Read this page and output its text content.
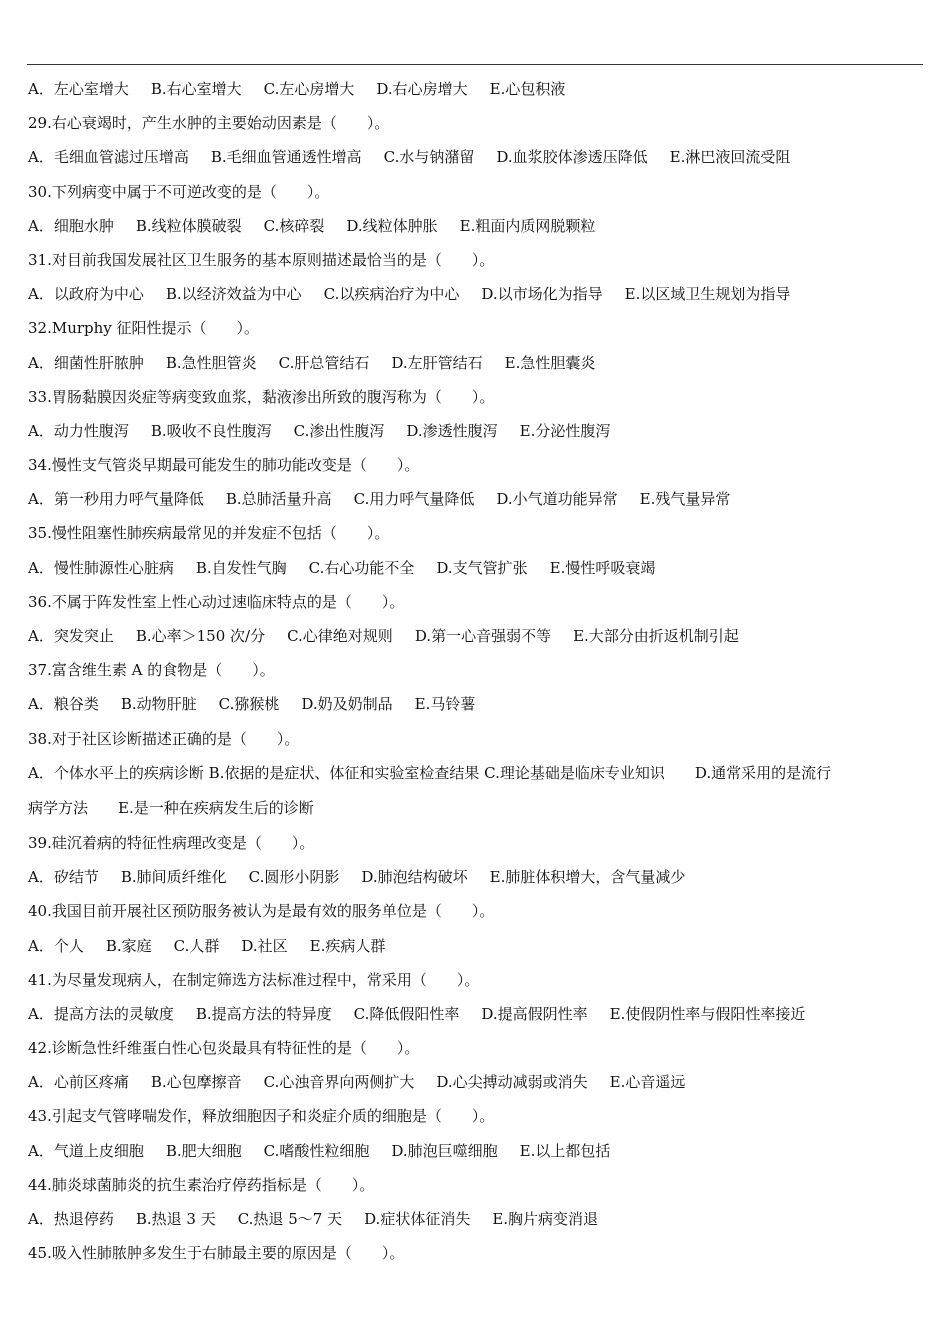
A．左心室增大 B.右心室增大 C.左心房增大 D.右心房增大 E.心包积液
29.右心衰竭时，产生水肿的主要始动因素是（　　）。
A．毛细血管滤过压增高 B.毛细血管通透性增高 C.水与钠潴留 D.血浆胶体渗透压降低 E.淋巴液回流受阻
30.下列病变中属于不可逆改变的是（　　）。
A．细胞水肿 B.线粒体膜破裂 C.核碎裂 D.线粒体肿胀 E.粗面内质网脱颗粒
31.对目前我国发展社区卫生服务的基本原则描述最恰当的是（　　）。
A．以政府为中心 B.以经济效益为中心 C.以疾病治疗为中心 D.以市场化为指导 E.以区域卫生规划为指导
32.Murphy 征阳性提示（　　）。
A．细菌性肝脓肿 B.急性胆管炎 C.肝总管结石 D.左肝管结石 E.急性胆囊炎
33.胃肠黏膜因炎症等病变致血浆，黏液渗出所致的腹泻称为（　　）。
A．动力性腹泻 B.吸收不良性腹泻 C.渗出性腹泻 D.渗透性腹泻 E.分泌性腹泻
34.慢性支气管炎早期最可能发生的肺功能改变是（　　）。
A．第一秒用力呼气量降低 B.总肺活量升高 C.用力呼气量降低 D.小气道功能异常 E.残气量异常
35.慢性阻塞性肺疾病最常见的并发症不包括（　　）。
A．慢性肺源性心脏病 B.自发性气胸 C.右心功能不全 D.支气管扩张 E.慢性呼吸衰竭
36.不属于阵发性室上性心动过速临床特点的是（　　）。
A．突发突止 B.心率＞150 次/分 C.心律绝对规则 D.第一心音强弱不等 E.大部分由折返机制引起
37.富含维生素 A 的食物是（　　）。
A．粮谷类 B.动物肝脏 C.猕猴桃 D.奶及奶制品 E.马铃薯
38.对于社区诊断描述正确的是（　　）。
A．个体水平上的疾病诊断 B.依据的是症状、体征和实验室检查结果 C.理论基础是临床专业知识　　D.通常采用的是流行
病学方法　　E.是一种在疾病发生后的诊断
39.硅沉着病的特征性病理改变是（　　）。
A．矽结节 B.肺间质纤维化 C.圆形小阴影 D.肺泡结构破坏 E.肺脏体积增大，含气量减少
40.我国目前开展社区预防服务被认为是最有效的服务单位是（　　）。
A．个人 B.家庭 C.人群 D.社区 E.疾病人群
41.为尽量发现病人，在制定筛选方法标准过程中，常采用（　　）。
A．提高方法的灵敏度 B.提高方法的特异度 C.降低假阳性率 D.提高假阴性率 E.使假阴性率与假阳性率接近
42.诊断急性纤维蛋白性心包炎最具有特征性的是（　　）。
A．心前区疼痛 B.心包摩擦音 C.心浊音界向两侧扩大 D.心尖搏动减弱或消失 E.心音遥远
43.引起支气管哮喘发作，释放细胞因子和炎症介质的细胞是（　　）。
A．气道上皮细胞 B.肥大细胞 C.嗜酸性粒细胞 D.肺泡巨噬细胞 E.以上都包括
44.肺炎球菌肺炎的抗生素治疗停药指标是（　　）。
A．热退停药 B.热退 3 天 C.热退 5～7 天 D.症状体征消失 E.胸片病变消退
45.吸入性肺脓肿多发生于右肺最主要的原因是（　　）。
